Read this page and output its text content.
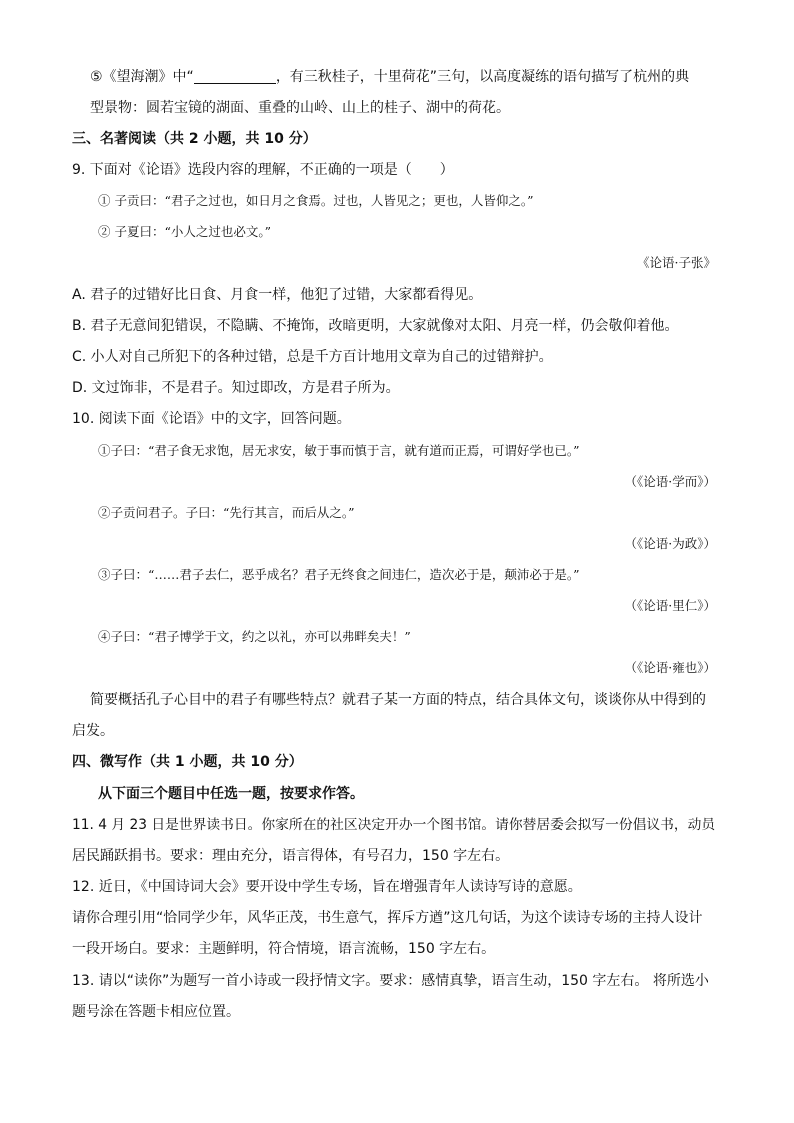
⑤《望海潮》中“	，有三秋桂子，十里荷花”三句，以高度凝练的语句描写了杭州的典
型景物：圆若宝镜的湖面、重叠的山岭、山上的桂子、湖中的荷花。
三、名著阅读（共 2 小题，共 10 分）
9. 下面对《论语》选段内容的理解，不正确的一项是（　　）
① 子贡曰：“君子之过也，如日月之食焉。过也，人皆见之；更也，人皆仰之。”
② 子夏曰：“小人之过也必文。”
《论语·子张》
A. 君子的过错好比日食、月食一样，他犯了过错，大家都看得见。
B. 君子无意间犯错误，不隐瞒、不掩饰，改暗更明，大家就像对太阳、月亮一样，仍会敬仰着他。
C. 小人对自己所犯下的各种过错，总是千方百计地用文章为自己的过错辩护。
D. 文过饰非，不是君子。知过即改，方是君子所为。
10. 阅读下面《论语》中的文字，回答问题。
①子曰：“君子食无求饱，居无求安，敏于事而慎于言，就有道而正焉，可谓好学也已。”
（《论语·学而》）
②子贡问君子。子曰：“先行其言，而后从之。”
（《论语·为政》）
③子曰：“……君子去仁，恶乎成名？君子无终食之间违仁，造次必于是，颠沛必于是。”
（《论语·里仁》）
④子曰：“君子博学于文，约之以礼，亦可以弗畔矣夫！”
（《论语·雍也》）
简要概括孔子心目中的君子有哪些特点？就君子某一方面的特点，结合具体文句，谈谈你从中得到的
启发。
四、微写作（共 1 小题，共 10 分）
从下面三个题目中任选一题，按要求作答。
11. 4 月 23 日是世界读书日。你家所在的社区决定开办一个图书馆。请你替居委会拟写一份倡议书，动员
居民踊跃捐书。要求：理由充分，语言得体，有号召力，150 字左右。
12. 近日，《中国诗词大会》要开设中学生专场，旨在增强青年人读诗写诗的意愿。
请你合理引用“恰同学少年，风华正茂，书生意气，挥斥方遒”这几句话，为这个读诗专场的主持人设计
一段开场白。要求：主题鲜明，符合情境，语言流畅，150 字左右。
13. 请以“读你”为题写一首小诗或一段抒情文字。要求：感情真挚，语言生动，150 字左右。 将所选小
题号涂在答题卡相应位置。
